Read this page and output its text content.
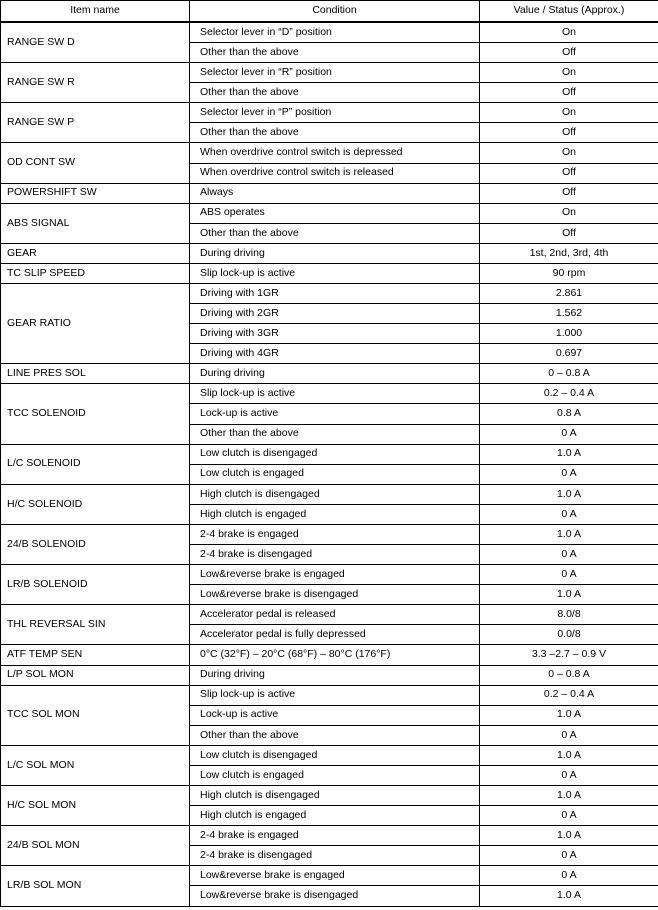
Item name	Condition	Value / Status (Approx.)
RANGE SW D	Selector lever in “D” position	On
	Other than the above	Off
RANGE SW R	Selector lever in “R” position	On
	Other than the above	Off
RANGE SW P	Selector lever in “P” position	On
	Other than the above	Off
OD CONT SW	When overdrive control switch is depressed	On
	When overdrive control switch is released	Off
POWERSHIFT SW	Always	Off
ABS SIGNAL	ABS operates	On
	Other than the above	Off
GEAR	During driving	1st, 2nd, 3rd, 4th
TC SLIP SPEED	Slip lock-up is active	90 rpm
GEAR RATIO	Driving with 1GR	2.861
	Driving with 2GR	1.562
	Driving with 3GR	1.000
	Driving with 4GR	0.697
LINE PRES SOL	During driving	0 – 0.8 A
TCC SOLENOID	Slip lock-up is active	0.2 – 0.4 A
	Lock-up is active	0.8 A
	Other than the above	0 A
L/C SOLENOID	Low clutch is disengaged	1.0 A
	Low clutch is engaged	0 A
H/C SOLENOID	High clutch is disengaged	1.0 A
	High clutch is engaged	0 A
24/B SOLENOID	2-4 brake is engaged	1.0 A
	2-4 brake is disengaged	0 A
LR/B SOLENOID	Low&reverse brake is engaged	0 A
	Low&reverse brake is disengaged	1.0 A
THL REVERSAL SIN	Accelerator pedal is released	8.0/8
	Accelerator pedal is fully depressed	0.0/8
ATF TEMP SEN	0°C (32°F) – 20°C (68°F) – 80°C (176°F)	3.3 –2.7 – 0.9 V
L/P SOL MON	During driving	0 – 0.8 A
TCC SOL MON	Slip lock-up is active	0.2 – 0.4 A
	Lock-up is active	1.0 A
	Other than the above	0 A
L/C SOL MON	Low clutch is disengaged	1.0 A
	Low clutch is engaged	0 A
H/C SOL MON	High clutch is disengaged	1.0 A
	High clutch is engaged	0 A
24/B SOL MON	2-4 brake is engaged	1.0 A
	2-4 brake is disengaged	0 A
LR/B SOL MON	Low&reverse brake is engaged	0 A
	Low&reverse brake is disengaged	1.0 A
